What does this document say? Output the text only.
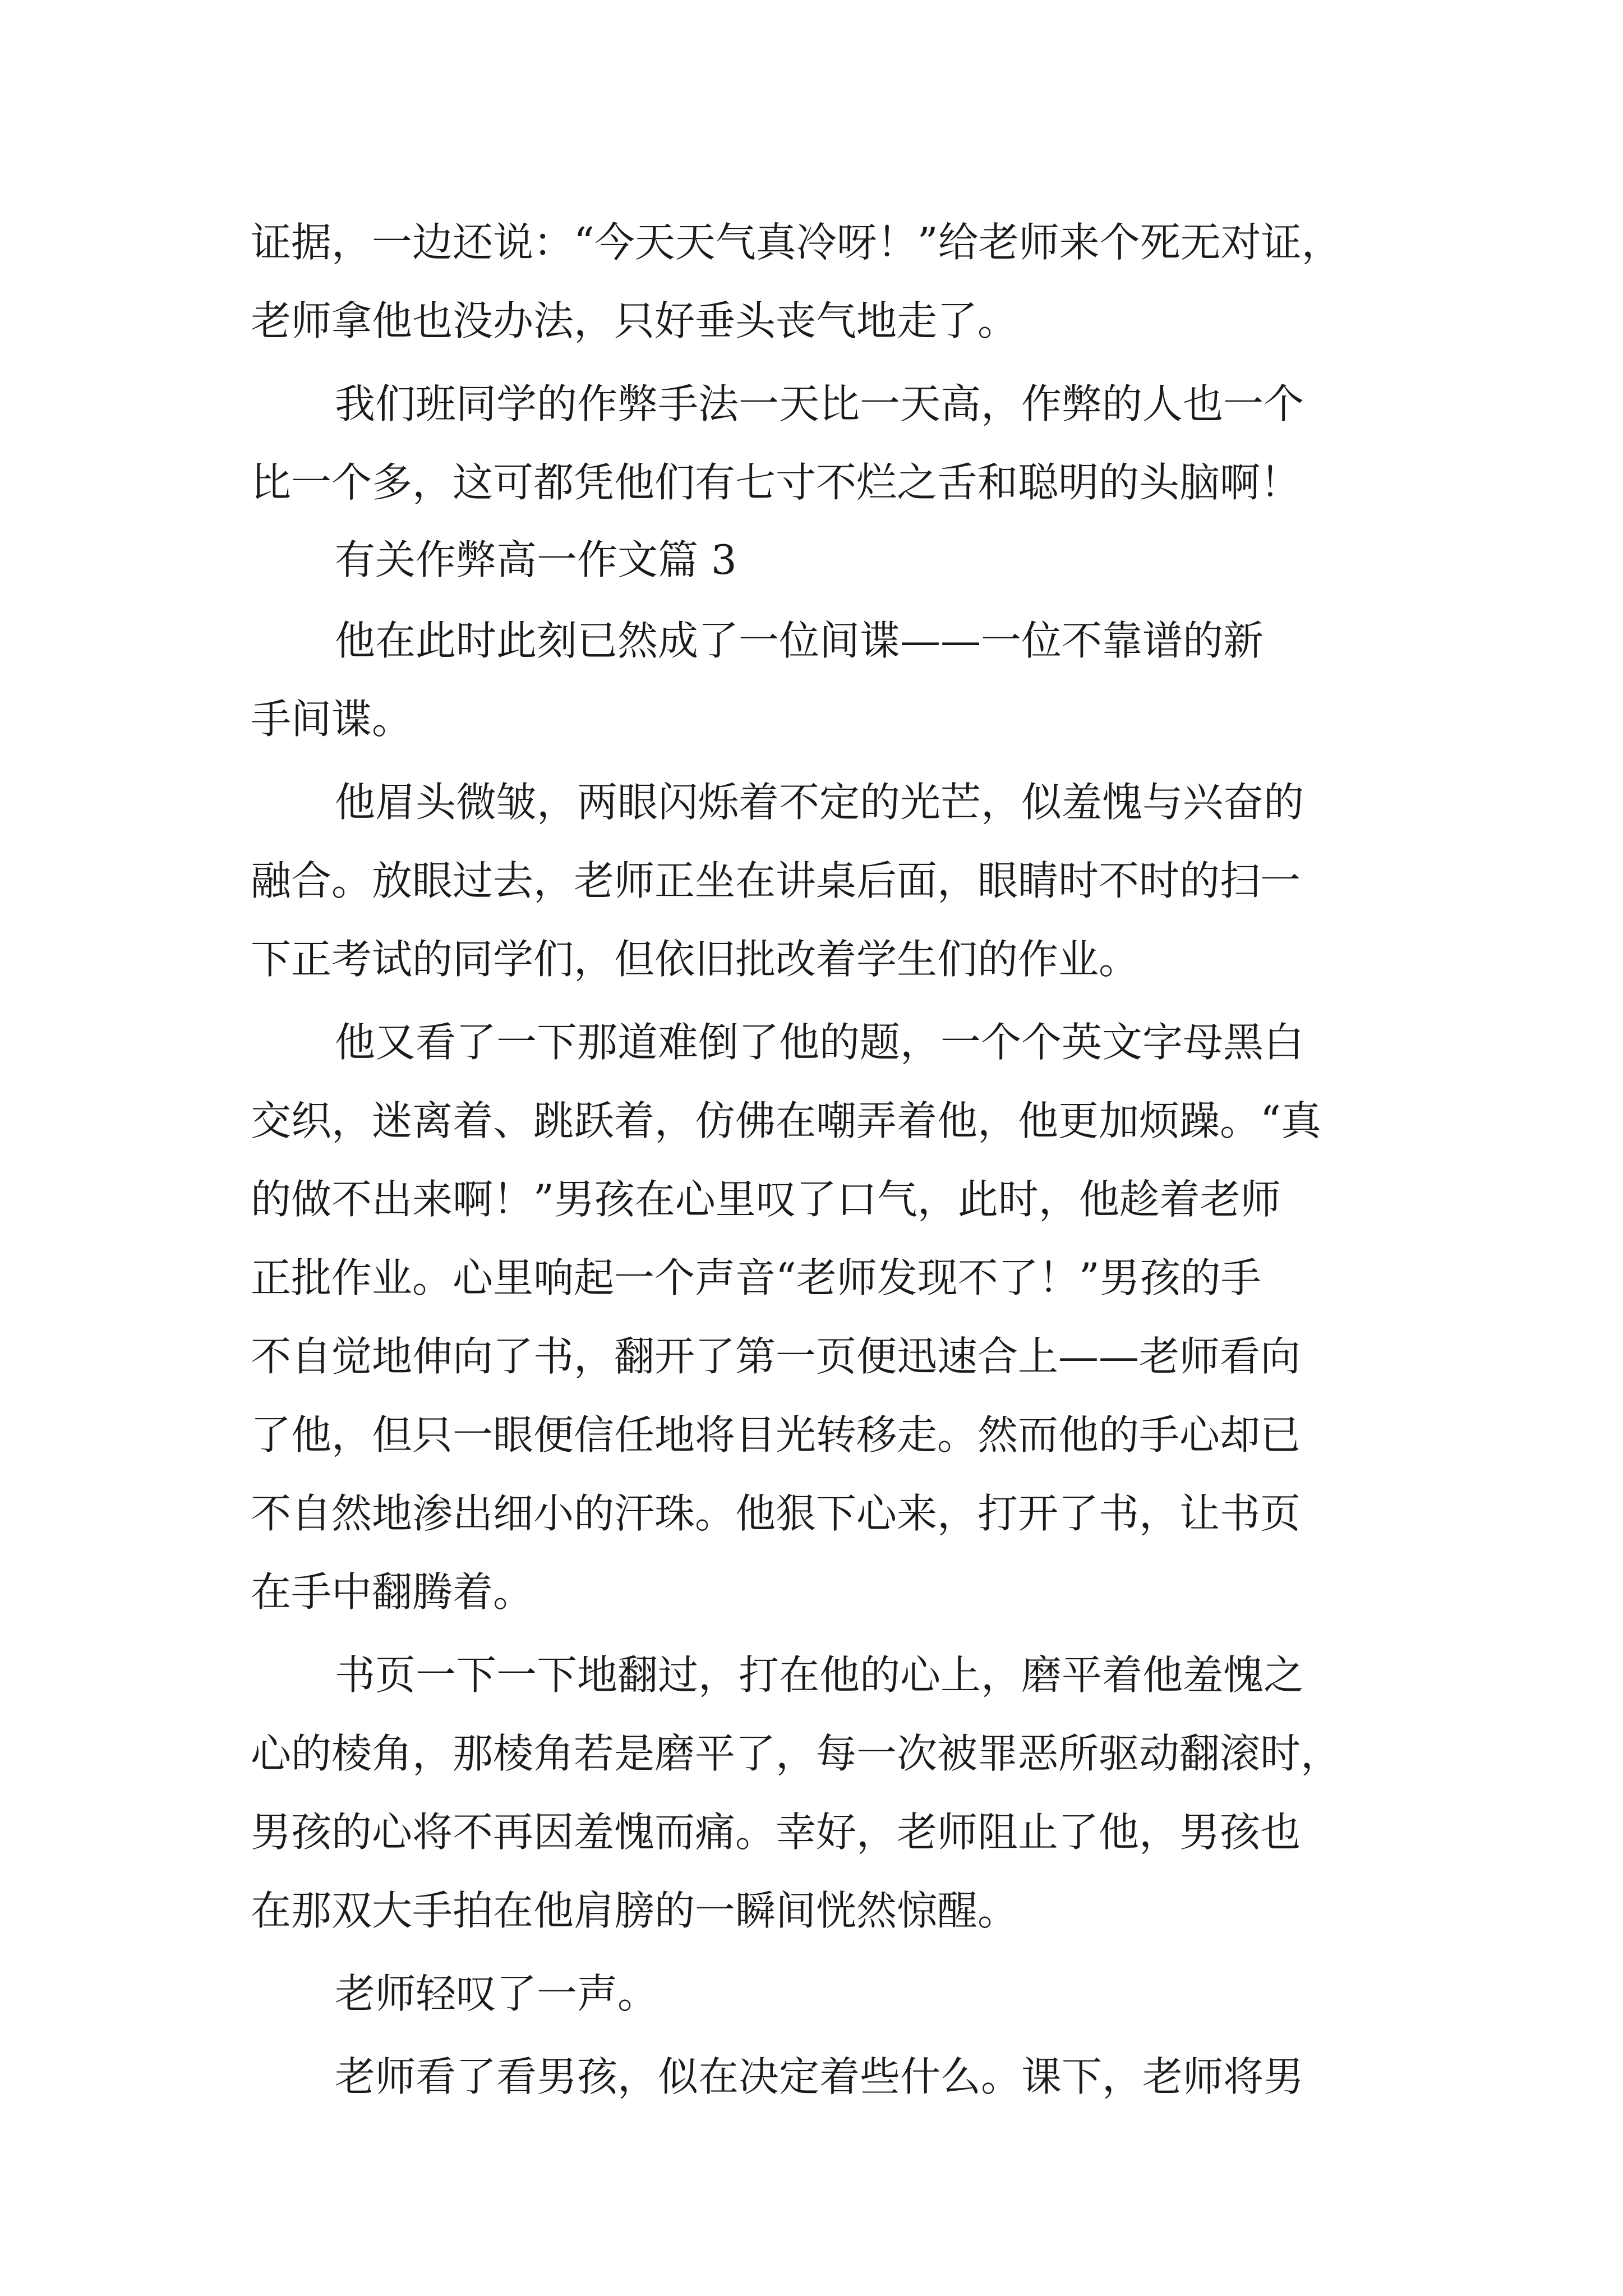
证据，一边还说：“今天天气真冷呀！”给老师来个死无对证，
老师拿他也没办法，只好垂头丧气地走了。
我们班同学的作弊手法一天比一天高，作弊的人也一个
比一个多，这可都凭他们有七寸不烂之舌和聪明的头脑啊！
有关作弊高一作文篇 3
他在此时此刻已然成了一位间谍——一位不靠谱的新
手间谍。
他眉头微皱，两眼闪烁着不定的光芒，似羞愧与兴奋的
融合。放眼过去，老师正坐在讲桌后面，眼睛时不时的扫一
下正考试的同学们，但依旧批改着学生们的作业。
他又看了一下那道难倒了他的题，一个个英文字母黑白
交织，迷离着、跳跃着，仿佛在嘲弄着他，他更加烦躁。“真
的做不出来啊！”男孩在心里叹了口气，此时，他趁着老师
正批作业。心里响起一个声音“老师发现不了！”男孩的手
不自觉地伸向了书，翻开了第一页便迅速合上——老师看向
了他，但只一眼便信任地将目光转移走。然而他的手心却已
不自然地渗出细小的汗珠。他狠下心来，打开了书，让书页
在手中翻腾着。
书页一下一下地翻过，打在他的心上，磨平着他羞愧之
心的棱角，那棱角若是磨平了，每一次被罪恶所驱动翻滚时，
男孩的心将不再因羞愧而痛。幸好，老师阻止了他，男孩也
在那双大手拍在他肩膀的一瞬间恍然惊醒。
老师轻叹了一声。
老师看了看男孩，似在决定着些什么。课下，老师将男
